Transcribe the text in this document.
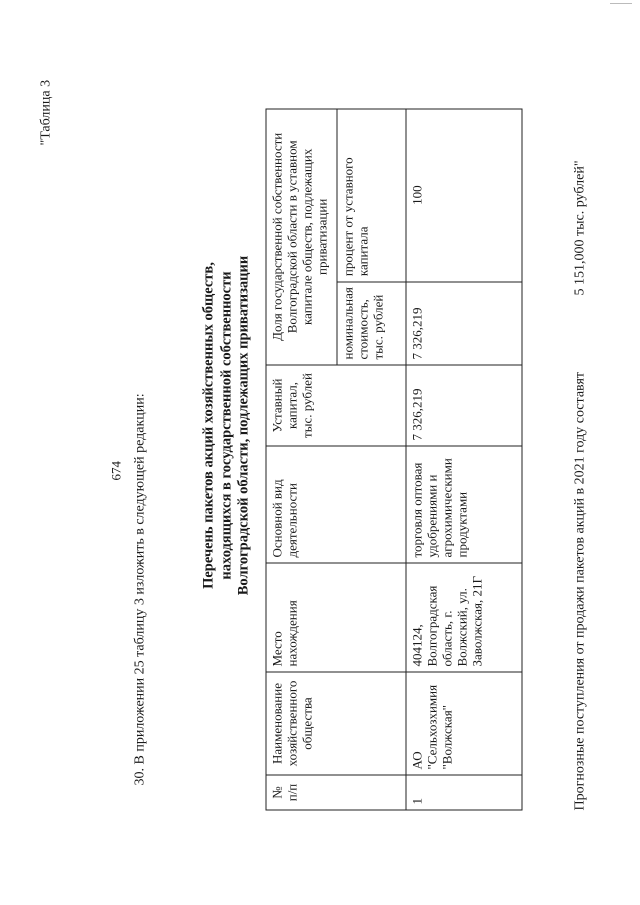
674 30. В приложении 25 таблицу 3 изложить в следующей редакции:
"Таблица 3
Перечень пакетов акций хозяйственных обществ, находящихся в государственной собственности Волгоградской области, подлежащих приватизации
№ п/п	Наименование хозяйственного общества	Место нахождения	Основной вид деятельности	Уставный капитал, тыс. рублей	Доля государственной собственности Волгоградской области в уставном капитале обществ, подлежащих приватизации	
					номинальная стоимость, тыс. рублей	процент от уставного капитала
1	АО "Сельхозхимия "Волжская"	404124, Волгоградская область, г. Волжский, ул. Заволжская, 21Г	торговля оптовая удобрениями и агрохимическими продуктами	7 326,219	7 326,219	100
Прогнозные поступления от продажи пакетов акций в 2021 году составят
5 151,000 тыс. рублей"
